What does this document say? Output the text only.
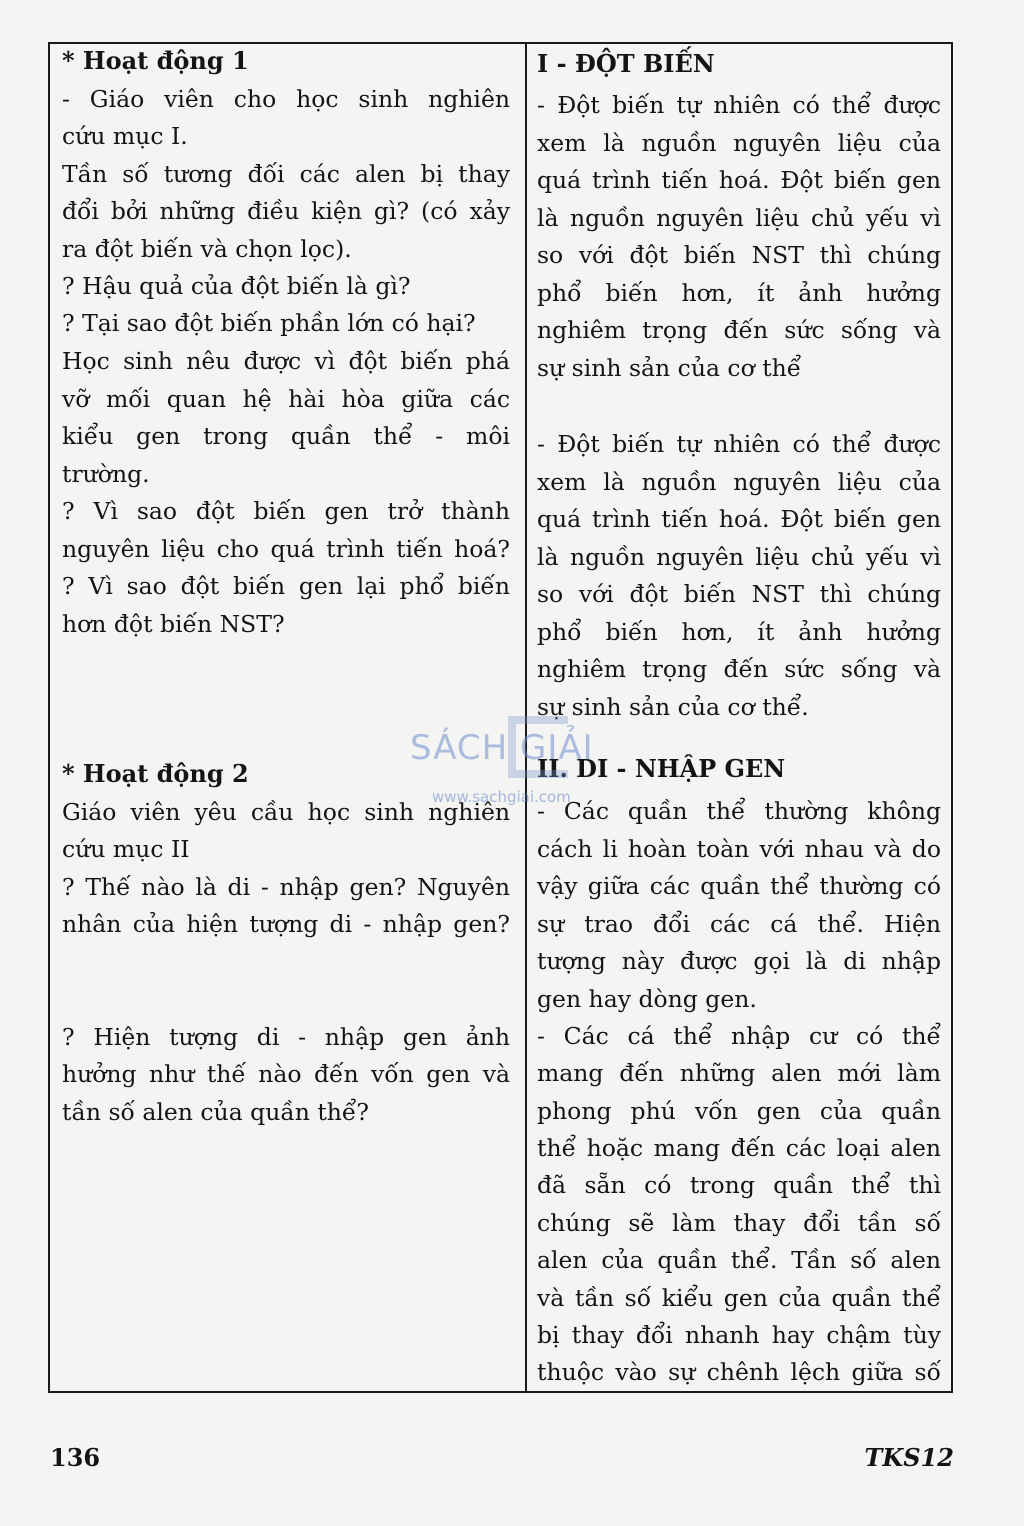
* Hoạt động 1
- Giáo viên cho học sinh nghiên
cứu mục I.
Tần số tương đối các alen bị thay
đổi bởi những điều kiện gì? (có xảy
ra đột biến và chọn lọc).
? Hậu quả của đột biến là gì?
? Tại sao đột biến phần lớn có hại?
Học sinh nêu được vì đột biến phá
vỡ mối quan hệ hài hòa giữa các
kiểu gen trong quần thể - môi
trường.
? Vì sao đột biến gen trở thành
nguyên liệu cho quá trình tiến hoá?
? Vì sao đột biến gen lại phổ biến
hơn đột biến NST?
* Hoạt động 2
Giáo viên yêu cầu học sinh nghiên
cứu mục II
? Thế nào là di - nhập gen? Nguyên
nhân của hiện tượng di - nhập gen?
? Hiện tượng di - nhập gen ảnh
hưởng như thế nào đến vốn gen và
tần số alen của quần thể?
I - ĐỘT BIẾN
- Đột biến tự nhiên có thể được
xem là nguồn nguyên liệu của
quá trình tiến hoá. Đột biến gen
là nguồn nguyên liệu chủ yếu vì
so với đột biến NST thì chúng
phổ biến hơn, ít ảnh hưởng
nghiêm trọng đến sức sống và
sự sinh sản của cơ thể
- Đột biến tự nhiên có thể được
xem là nguồn nguyên liệu của
quá trình tiến hoá. Đột biến gen
là nguồn nguyên liệu chủ yếu vì
so với đột biến NST thì chúng
phổ biến hơn, ít ảnh hưởng
nghiêm trọng đến sức sống và
sự sinh sản của cơ thể.
II. DI - NHẬP GEN
- Các quần thể thường không
cách li hoàn toàn với nhau và do
vậy giữa các quần thể thường có
sự trao đổi các cá thể. Hiện
tượng này được gọi là di nhập
gen hay dòng gen.
- Các cá thể nhập cư có thể
mang đến những alen mới làm
phong phú vốn gen của quần
thể hoặc mang đến các loại alen
đã sẵn có trong quần thể thì
chúng sẽ làm thay đổi tần số
alen của quần thể. Tần số alen
và tần số kiểu gen của quần thể
bị thay đổi nhanh hay chậm tùy
thuộc vào sự chênh lệch giữa số
SÁCH GIẢI
www.sachgiai.com
136	TKS12
